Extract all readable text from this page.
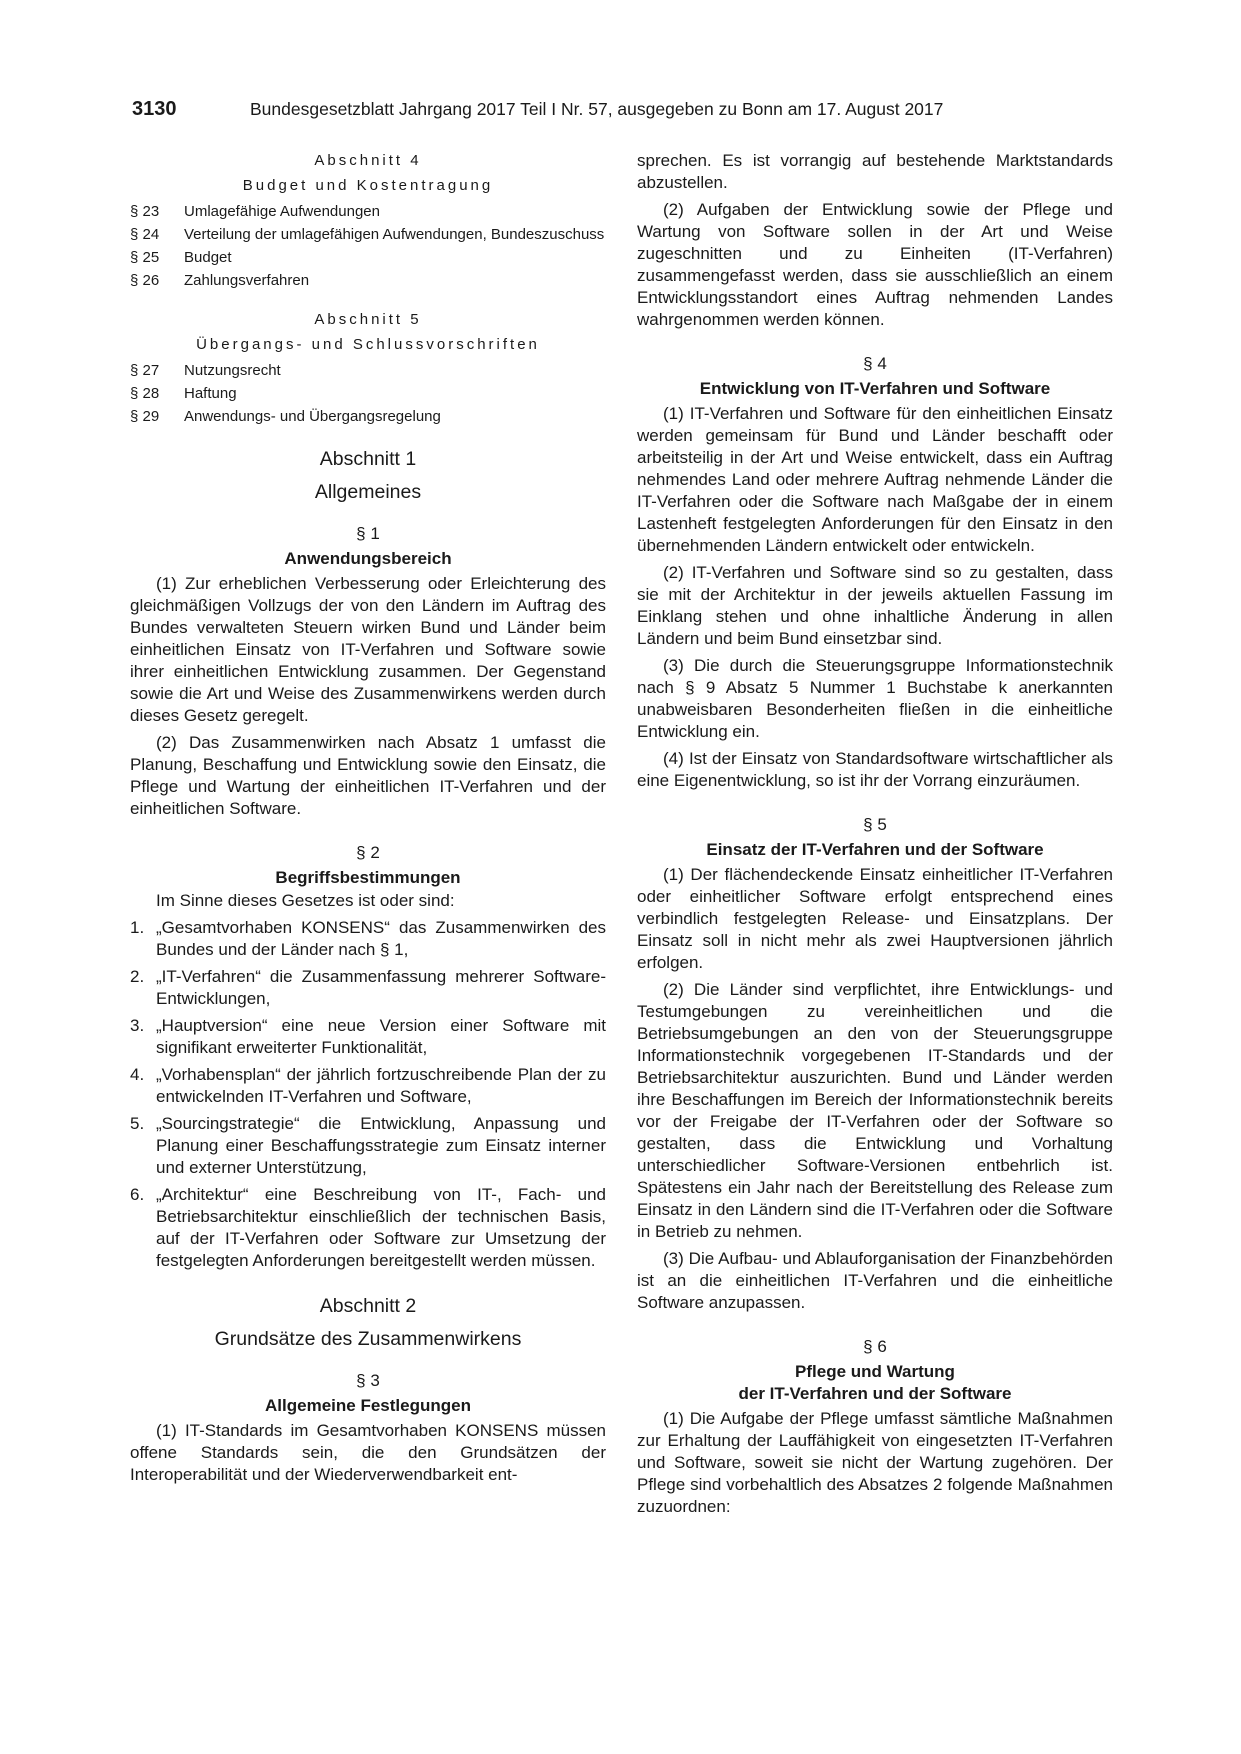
3130	Bundesgesetzblatt Jahrgang 2017 Teil I Nr. 57, ausgegeben zu Bonn am 17. August 2017

Abschnitt 4

Budget und Kostentragung

§ 23	Umlagefähige Aufwendungen
§ 24	Verteilung der umlagefähigen Aufwendungen, Bundeszuschuss
§ 25	Budget
§ 26	Zahlungsverfahren

Abschnitt 5

Übergangs- und Schlussvorschriften

§ 27	Nutzungsrecht
§ 28	Haftung
§ 29	Anwendungs- und Übergangsregelung

Abschnitt 1

Allgemeines

§ 1

Anwendungsbereich

(1) Zur erheblichen Verbesserung oder Erleichterung des gleichmäßigen Vollzugs der von den Ländern im Auftrag des Bundes verwalteten Steuern wirken Bund und Länder beim einheitlichen Einsatz von IT-Verfahren und Software sowie ihrer einheitlichen Entwicklung zusammen. Der Gegenstand sowie die Art und Weise des Zusammenwirkens werden durch dieses Gesetz geregelt.

(2) Das Zusammenwirken nach Absatz 1 umfasst die Planung, Beschaffung und Entwicklung sowie den Einsatz, die Pflege und Wartung der einheitlichen IT-Verfahren und der einheitlichen Software.

§ 2

Begriffsbestimmungen

Im Sinne dieses Gesetzes ist oder sind:

1. „Gesamtvorhaben KONSENS“ das Zusammenwirken des Bundes und der Länder nach § 1,
2. „IT-Verfahren“ die Zusammenfassung mehrerer Software-Entwicklungen,
3. „Hauptversion“ eine neue Version einer Software mit signifikant erweiterter Funktionalität,
4. „Vorhabensplan“ der jährlich fortzuschreibende Plan der zu entwickelnden IT-Verfahren und Software,
5. „Sourcingstrategie“ die Entwicklung, Anpassung und Planung einer Beschaffungsstrategie zum Einsatz interner und externer Unterstützung,
6. „Architektur“ eine Beschreibung von IT-, Fach- und Betriebsarchitektur einschließlich der technischen Basis, auf der IT-Verfahren oder Software zur Umsetzung der festgelegten Anforderungen bereitgestellt werden müssen.

Abschnitt 2

Grundsätze des Zusammenwirkens

§ 3

Allgemeine Festlegungen

(1) IT-Standards im Gesamtvorhaben KONSENS müssen offene Standards sein, die den Grundsätzen der Interoperabilität und der Wiederverwendbarkeit ent-

sprechen. Es ist vorrangig auf bestehende Marktstandards abzustellen.

(2) Aufgaben der Entwicklung sowie der Pflege und Wartung von Software sollen in der Art und Weise zugeschnitten und zu Einheiten (IT-Verfahren) zusammengefasst werden, dass sie ausschließlich an einem Entwicklungsstandort eines Auftrag nehmenden Landes wahrgenommen werden können.

§ 4

Entwicklung von IT-Verfahren und Software

(1) IT-Verfahren und Software für den einheitlichen Einsatz werden gemeinsam für Bund und Länder beschafft oder arbeitsteilig in der Art und Weise entwickelt, dass ein Auftrag nehmendes Land oder mehrere Auftrag nehmende Länder die IT-Verfahren oder die Software nach Maßgabe der in einem Lastenheft festgelegten Anforderungen für den Einsatz in den übernehmenden Ländern entwickelt oder entwickeln.

(2) IT-Verfahren und Software sind so zu gestalten, dass sie mit der Architektur in der jeweils aktuellen Fassung im Einklang stehen und ohne inhaltliche Änderung in allen Ländern und beim Bund einsetzbar sind.

(3) Die durch die Steuerungsgruppe Informationstechnik nach § 9 Absatz 5 Nummer 1 Buchstabe k anerkannten unabweisbaren Besonderheiten fließen in die einheitliche Entwicklung ein.

(4) Ist der Einsatz von Standardsoftware wirtschaftlicher als eine Eigenentwicklung, so ist ihr der Vorrang einzuräumen.

§ 5

Einsatz der IT-Verfahren und der Software

(1) Der flächendeckende Einsatz einheitlicher IT-Verfahren oder einheitlicher Software erfolgt entsprechend eines verbindlich festgelegten Release- und Einsatzplans. Der Einsatz soll in nicht mehr als zwei Hauptversionen jährlich erfolgen.

(2) Die Länder sind verpflichtet, ihre Entwicklungs- und Testumgebungen zu vereinheitlichen und die Betriebsumgebungen an den von der Steuerungsgruppe Informationstechnik vorgegebenen IT-Standards und der Betriebsarchitektur auszurichten. Bund und Länder werden ihre Beschaffungen im Bereich der Informationstechnik bereits vor der Freigabe der IT-Verfahren oder der Software so gestalten, dass die Entwicklung und Vorhaltung unterschiedlicher Software-Versionen entbehrlich ist. Spätestens ein Jahr nach der Bereitstellung des Release zum Einsatz in den Ländern sind die IT-Verfahren oder die Software in Betrieb zu nehmen.

(3) Die Aufbau- und Ablauforganisation der Finanzbehörden ist an die einheitlichen IT-Verfahren und die einheitliche Software anzupassen.

§ 6

Pflege und Wartung

der IT-Verfahren und der Software

(1) Die Aufgabe der Pflege umfasst sämtliche Maßnahmen zur Erhaltung der Lauffähigkeit von eingesetzten IT-Verfahren und Software, soweit sie nicht der Wartung zugehören. Der Pflege sind vorbehaltlich des Absatzes 2 folgende Maßnahmen zuzuordnen:
